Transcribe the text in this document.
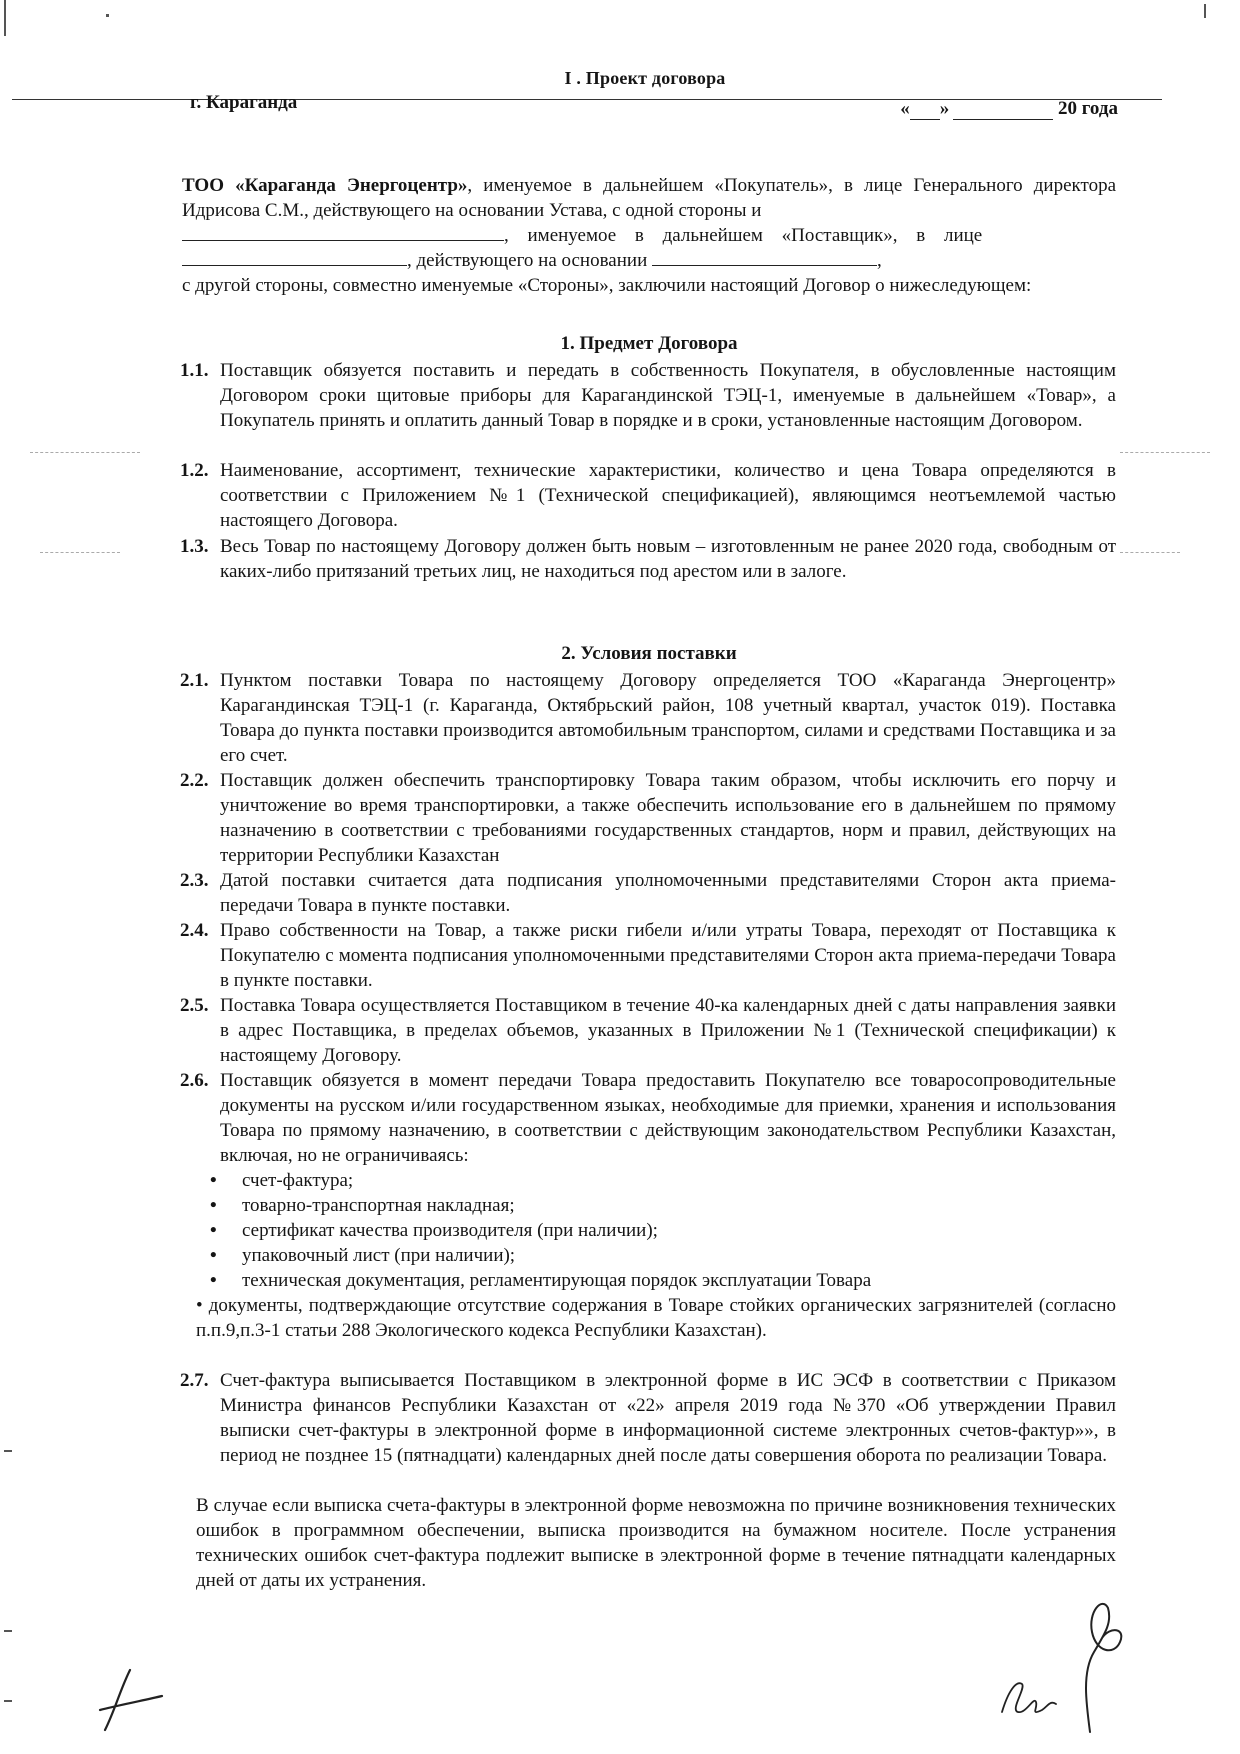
I . Проект договора
г. Караганда	« »	20 года
ТОО «Караганда Энергоцентр», именуемое в дальнейшем «Покупатель», в лице Генерального директора Идрисова С.М., действующего на основании Устава, с одной стороны и
, именуемое в дальнейшем «Поставщик», в лице
, действующего на основании	,
с другой стороны, совместно именуемые «Стороны», заключили настоящий Договор о нижеследующем:
1. Предмет Договора
1.1. Поставщик обязуется поставить и передать в собственность Покупателя, в обусловленные настоящим Договором сроки щитовые приборы для Карагандинской ТЭЦ-1, именуемые в дальнейшем «Товар», а Покупатель принять и оплатить данный Товар в порядке и в сроки, установленные настоящим Договором.
1.2. Наименование, ассортимент, технические характеристики, количество и цена Товара определяются в соответствии с Приложением №1 (Технической спецификацией), являющимся неотъемлемой частью настоящего Договора.
1.3. Весь Товар по настоящему Договору должен быть новым – изготовленным не ранее 2020 года, свободным от каких-либо притязаний третьих лиц, не находиться под арестом или в залоге.
2. Условия поставки
2.1. Пунктом поставки Товара по настоящему Договору определяется ТОО «Караганда Энергоцентр» Карагандинская ТЭЦ-1 (г. Караганда, Октябрьский район, 108 учетный квартал, участок 019). Поставка Товара до пункта поставки производится автомобильным транспортом, силами и средствами Поставщика и за его счет.
2.2. Поставщик должен обеспечить транспортировку Товара таким образом, чтобы исключить его порчу и уничтожение во время транспортировки, а также обеспечить использование его в дальнейшем по прямому назначению в соответствии с требованиями государственных стандартов, норм и правил, действующих на территории Республики Казахстан
2.3. Датой поставки считается дата подписания уполномоченными представителями Сторон акта приема-передачи Товара в пункте поставки.
2.4. Право собственности на Товар, а также риски гибели и/или утраты Товара, переходят от Поставщика к Покупателю с момента подписания уполномоченными представителями Сторон акта приема-передачи Товара в пункте поставки.
2.5. Поставка Товара осуществляется Поставщиком в течение 40-ка календарных дней с даты направления заявки в адрес Поставщика, в пределах объемов, указанных в Приложении №1 (Технической спецификации) к настоящему Договору.
2.6. Поставщик обязуется в момент передачи Товара предоставить Покупателю все товаросопроводительные документы на русском и/или государственном языках, необходимые для приемки, хранения и использования Товара по прямому назначению, в соответствии с действующим законодательством Республики Казахстан, включая, но не ограничиваясь:
• счет-фактура;
• товарно-транспортная накладная;
• сертификат качества производителя (при наличии);
• упаковочный лист (при наличии);
• техническая документация, регламентирующая порядок эксплуатации Товара
• документы, подтверждающие отсутствие содержания в Товаре стойких органических загрязнителей (согласно п.п.9,п.3-1 статьи 288 Экологического кодекса Республики Казахстан).
2.7. Счет-фактура выписывается Поставщиком в электронной форме в ИС ЭСФ в соответствии с Приказом Министра финансов Республики Казахстан от «22» апреля 2019 года №370 «Об утверждении Правил выписки счет-фактуры в электронной форме в информационной системе электронных счетов-фактур»», в период не позднее 15 (пятнадцати) календарных дней после даты совершения оборота по реализации Товара.
В случае если выписка счета-фактуры в электронной форме невозможна по причине возникновения технических ошибок в программном обеспечении, выписка производится на бумажном носителе. После устранения технических ошибок счет-фактура подлежит выписке в электронной форме в течение пятнадцати календарных дней от даты их устранения.
